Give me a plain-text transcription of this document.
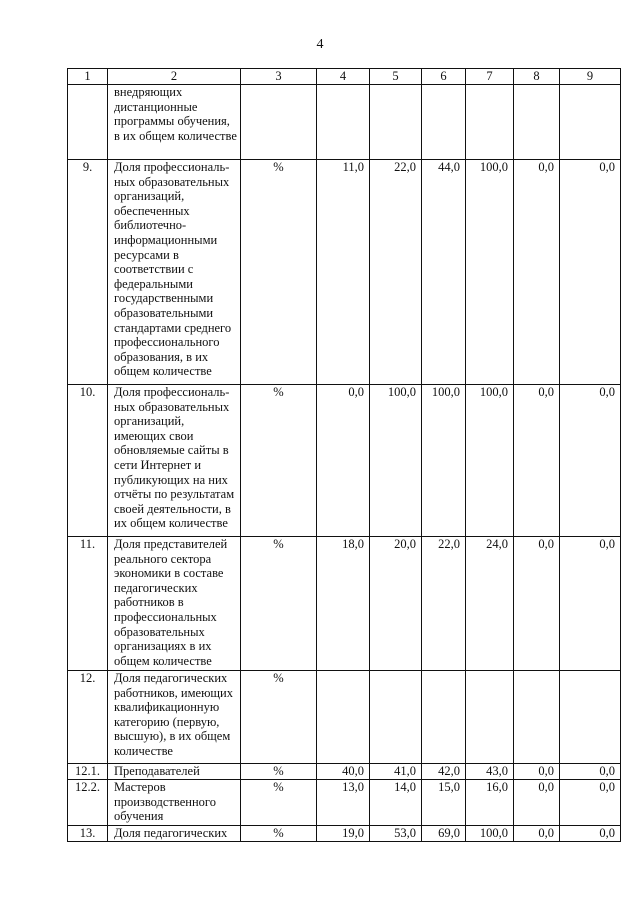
4
1	2	3	4	5	6	7	8	9
	внедряющих дистанционные программы обучения, в их общем количестве							
9.	Доля профессиональ-ных образовательных организаций, обеспеченных библиотечно-информационными ресурсами в соответствии с федеральными государственными образовательными стандартами среднего профессионального образования, в их общем количестве	%	11,0	22,0	44,0	100,0	0,0	0,0
10.	Доля профессиональ-ных образовательных организаций, имеющих свои обновляемые сайты в сети Интернет и публикующих на них отчёты по результатам своей деятельности, в их общем количестве	%	0,0	100,0	100,0	100,0	0,0	0,0
11.	Доля представителей реального сектора экономики в составе педагогических работников в профессиональных образовательных организациях в их общем количестве	%	18,0	20,0	22,0	24,0	0,0	0,0
12.	Доля педагогических работников, имеющих квалификационную категорию (первую, высшую), в их общем количестве	%						
12.1.	Преподавателей	%	40,0	41,0	42,0	43,0	0,0	0,0
12.2.	Мастеров производственного обучения	%	13,0	14,0	15,0	16,0	0,0	0,0
13.	Доля педагогических	%	19,0	53,0	69,0	100,0	0,0	0,0
